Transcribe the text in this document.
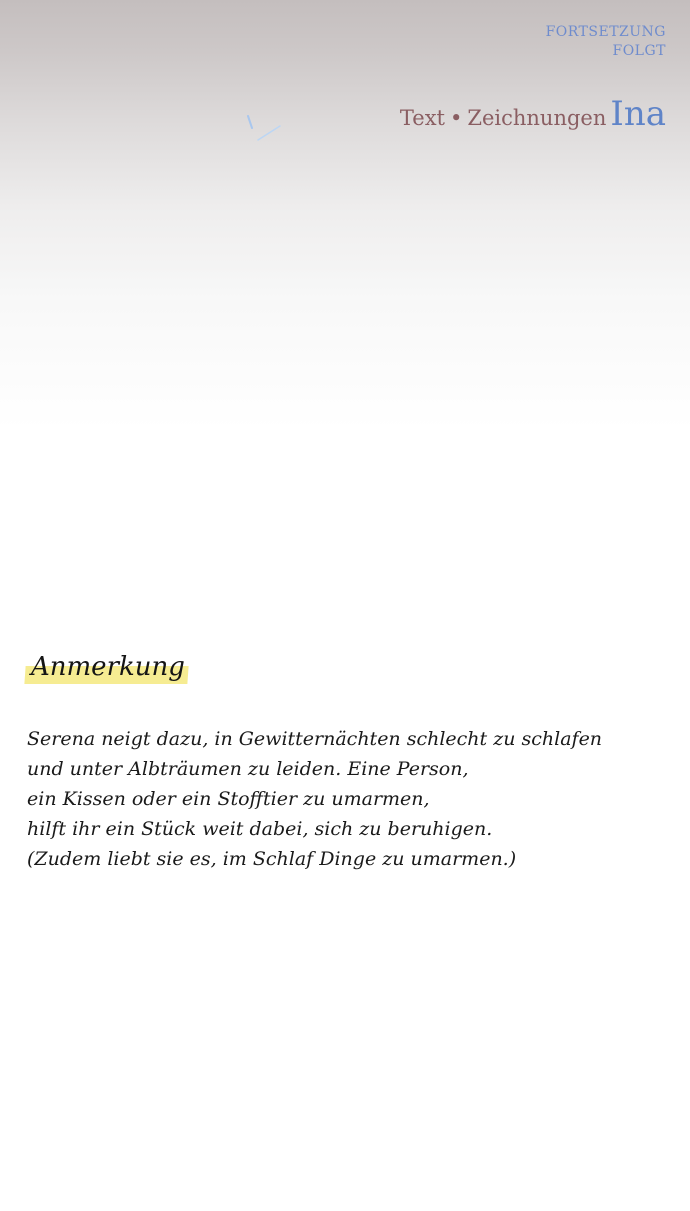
FORTSETZUNG
FOLGT
Text • Zeichnungen Ina
Anmerkung
Serena neigt dazu, in Gewitternächten schlecht zu schlafen
und unter Albträumen zu leiden. Eine Person,
ein Kissen oder ein Stofftier zu umarmen,
hilft ihr ein Stück weit dabei, sich zu beruhigen.
(Zudem liebt sie es, im Schlaf Dinge zu umarmen.)
